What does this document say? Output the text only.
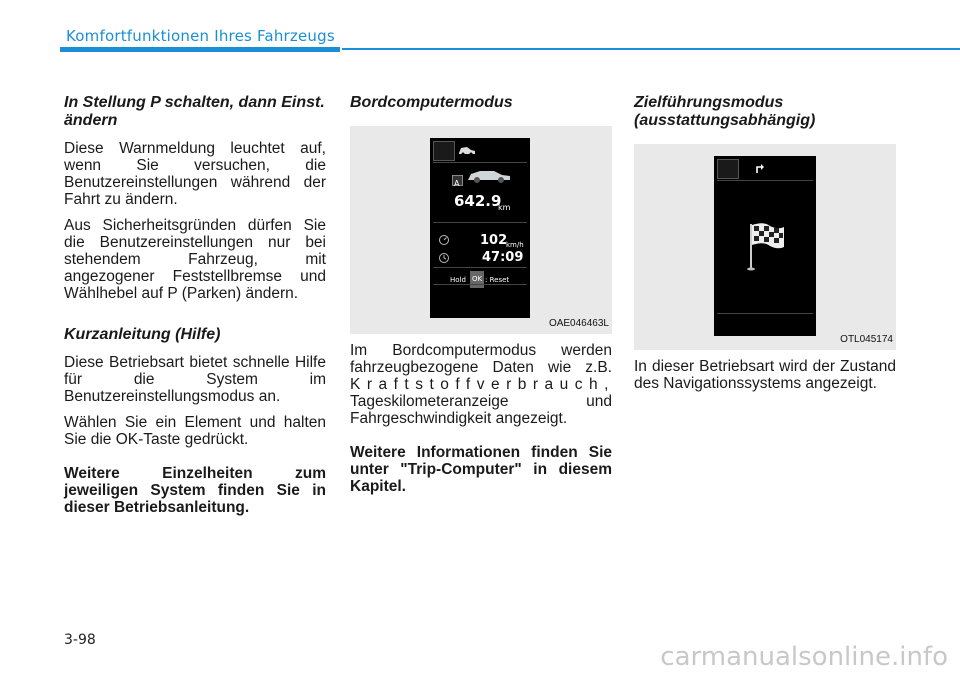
Komfortfunktionen Ihres Fahrzeugs
In Stellung P schalten, dann Einst. ändern
Diese Warnmeldung leuchtet auf, wenn Sie versuchen, die Benutzereinstellungen während der Fahrt zu ändern.
Aus Sicherheitsgründen dürfen Sie die Benutzereinstellungen nur bei stehendem Fahrzeug, mit angezogener Feststellbremse und Wählhebel auf P (Parken) ändern.
Kurzanleitung (Hilfe)
Diese Betriebsart bietet schnelle Hilfe für die System im Benutzereinstellungsmodus an.
Wählen Sie ein Element und halten Sie die OK-Taste gedrückt.
Weitere Einzelheiten zum jeweiligen System finden Sie in dieser Betriebsanleitung.
Bordcomputermodus
A
642.9
km
102
km/h
47:09
Hold OK : Reset
OAE046463L
Im Bordcomputermodus werden fahrzeugbezogene Daten wie z.B. Kraftstoffverbrauch, Tageskilometeranzeige und Fahrgeschwindigkeit angezeigt.
Weitere Informationen finden Sie unter "Trip-Computer" in diesem Kapitel.
Zielführungsmodus (ausstattungsabhängig)
OTL045174
In dieser Betriebsart wird der Zustand des Navigationssystems angezeigt.
3-98
carmanualsonline.info
